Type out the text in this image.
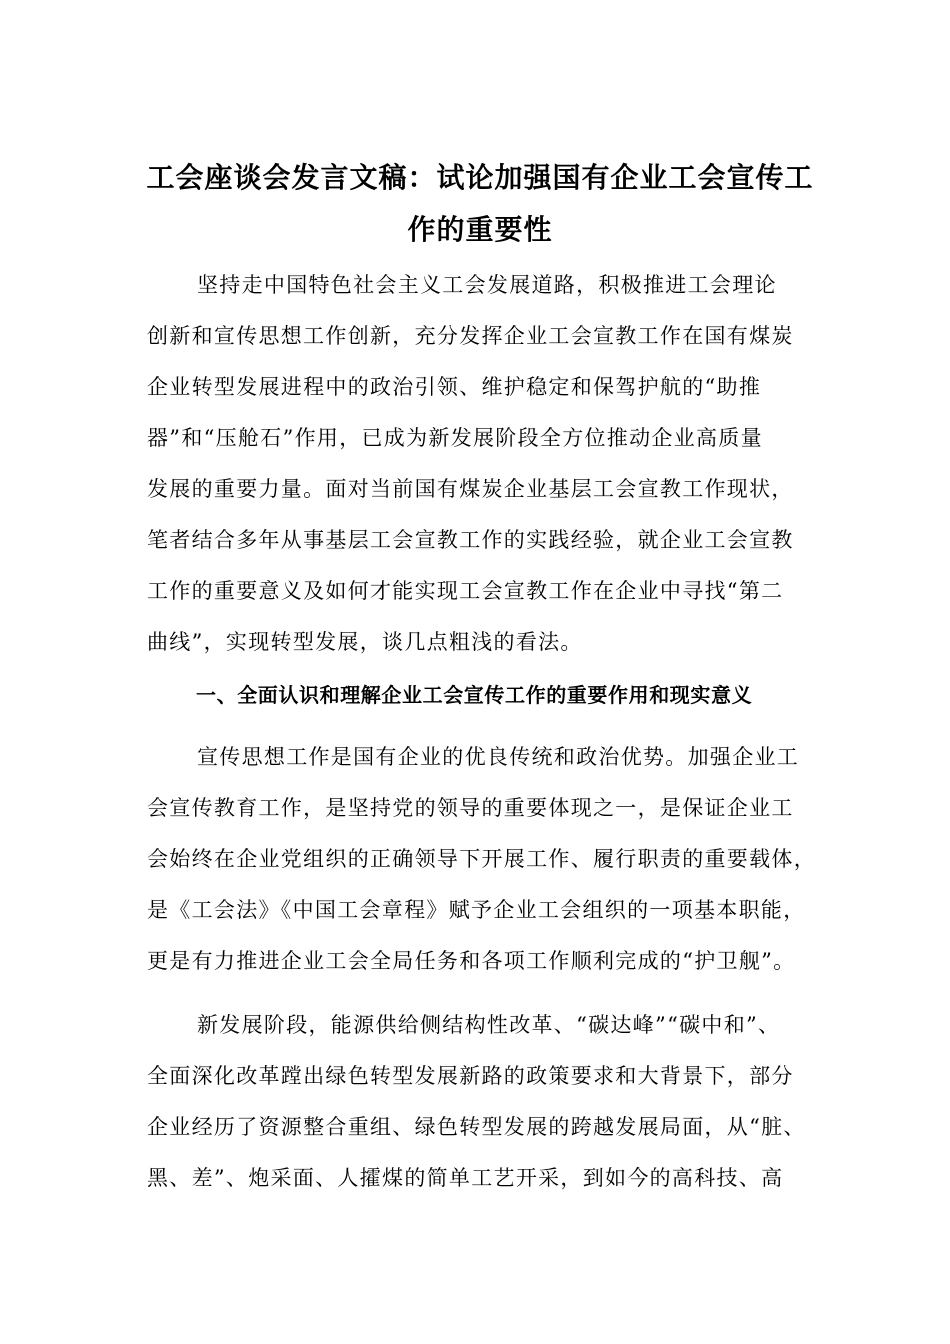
工会座谈会发言文稿：试论加强国有企业工会宣传工
作的重要性
坚持走中国特色社会主义工会发展道路，积极推进工会理论
创新和宣传思想工作创新，充分发挥企业工会宣教工作在国有煤炭
企业转型发展进程中的政治引领、维护稳定和保驾护航的“助推
器”和“压舱石”作用，已成为新发展阶段全方位推动企业高质量
发展的重要力量。面对当前国有煤炭企业基层工会宣教工作现状，
笔者结合多年从事基层工会宣教工作的实践经验，就企业工会宣教
工作的重要意义及如何才能实现工会宣教工作在企业中寻找“第二
曲线”，实现转型发展，谈几点粗浅的看法。
一、全面认识和理解企业工会宣传工作的重要作用和现实意义
宣传思想工作是国有企业的优良传统和政治优势。加强企业工
会宣传教育工作，是坚持党的领导的重要体现之一，是保证企业工
会始终在企业党组织的正确领导下开展工作、履行职责的重要载体，
是《工会法》《中国工会章程》赋予企业工会组织的一项基本职能，
更是有力推进企业工会全局任务和各项工作顺利完成的“护卫舰”。
新发展阶段，能源供给侧结构性改革、“碳达峰”“碳中和”、
全面深化改革蹚出绿色转型发展新路的政策要求和大背景下，部分
企业经历了资源整合重组、绿色转型发展的跨越发展局面，从“脏、
黑、差”、炮采面、人攉煤的简单工艺开采，到如今的高科技、高
